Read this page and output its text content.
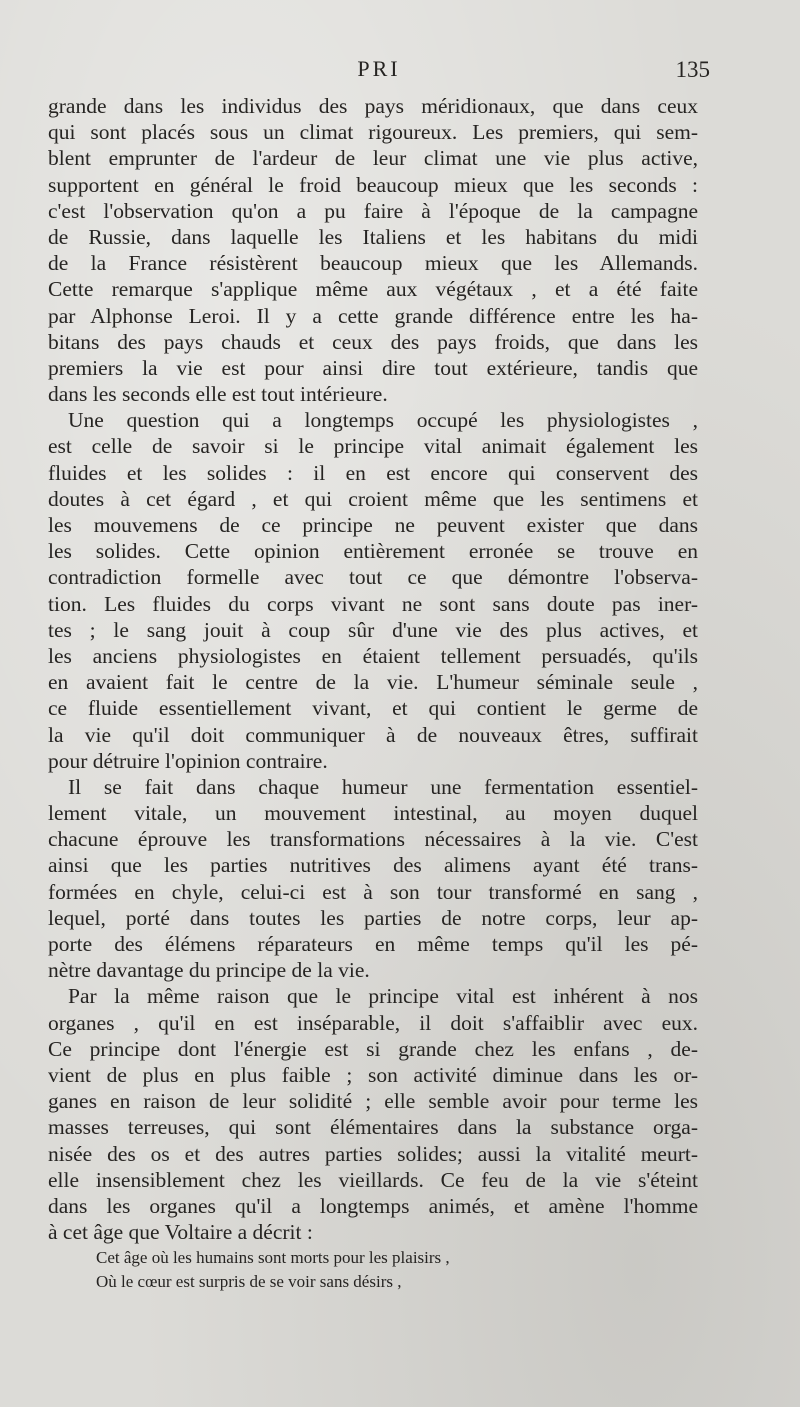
PRI	135
grande dans les individus des pays méridionaux, que dans ceux
qui sont placés sous un climat rigoureux. Les premiers, qui sem-
blent emprunter de l'ardeur de leur climat une vie plus active,
supportent en général le froid beaucoup mieux que les seconds :
c'est l'observation qu'on a pu faire à l'époque de la campagne
de Russie, dans laquelle les Italiens et les habitans du midi
de la France résistèrent beaucoup mieux que les Allemands.
Cette remarque s'applique même aux végétaux , et a été faite
par Alphonse Leroi. Il y a cette grande différence entre les ha-
bitans des pays chauds et ceux des pays froids, que dans les
premiers la vie est pour ainsi dire tout extérieure, tandis que
dans les seconds elle est tout intérieure.
Une question qui a longtemps occupé les physiologistes ,
est celle de savoir si le principe vital animait également les
fluides et les solides : il en est encore qui conservent des
doutes à cet égard , et qui croient même que les sentimens et
les mouvemens de ce principe ne peuvent exister que dans
les solides. Cette opinion entièrement erronée se trouve en
contradiction formelle avec tout ce que démontre l'observa-
tion. Les fluides du corps vivant ne sont sans doute pas iner-
tes ; le sang jouit à coup sûr d'une vie des plus actives, et
les anciens physiologistes en étaient tellement persuadés, qu'ils
en avaient fait le centre de la vie. L'humeur séminale seule ,
ce fluide essentiellement vivant, et qui contient le germe de
la vie qu'il doit communiquer à de nouveaux êtres, suffirait
pour détruire l'opinion contraire.
Il se fait dans chaque humeur une fermentation essentiel-
lement vitale, un mouvement intestinal, au moyen duquel
chacune éprouve les transformations nécessaires à la vie. C'est
ainsi que les parties nutritives des alimens ayant été trans-
formées en chyle, celui-ci est à son tour transformé en sang ,
lequel, porté dans toutes les parties de notre corps, leur ap-
porte des élémens réparateurs en même temps qu'il les pé-
nètre davantage du principe de la vie.
Par la même raison que le principe vital est inhérent à nos
organes , qu'il en est inséparable, il doit s'affaiblir avec eux.
Ce principe dont l'énergie est si grande chez les enfans , de-
vient de plus en plus faible ; son activité diminue dans les or-
ganes en raison de leur solidité ; elle semble avoir pour terme les
masses terreuses, qui sont élémentaires dans la substance orga-
nisée des os et des autres parties solides; aussi la vitalité meurt-
elle insensiblement chez les vieillards. Ce feu de la vie s'éteint
dans les organes qu'il a longtemps animés, et amène l'homme
à cet âge que Voltaire a décrit :
Cet âge où les humains sont morts pour les plaisirs ,
Où le cœur est surpris de se voir sans désirs ,
